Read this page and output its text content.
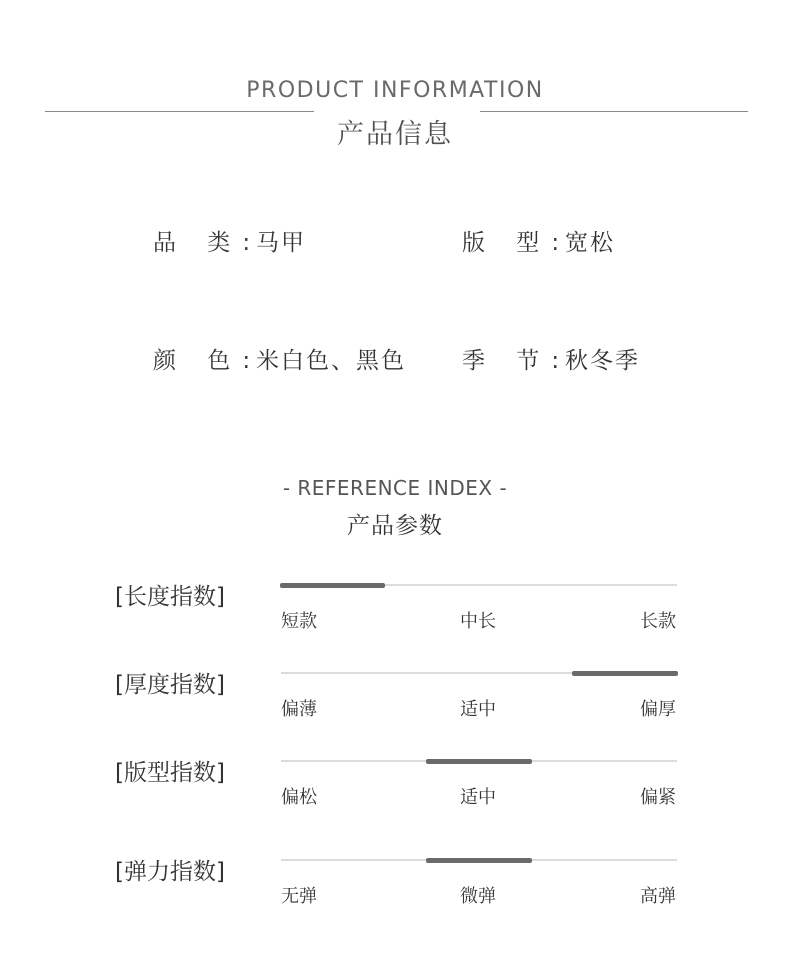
PRODUCT INFORMATION
产品信息
品 类: 马甲	版 型: 宽松
颜 色: 米白色、黑色 季 节: 秋冬季
- REFERENCE INDEX -
产品参数
[长度指数]
短款	中长	长款
[厚度指数]
偏薄	适中	偏厚
[版型指数]
偏松	适中	偏紧
[弹力指数]
无弹	微弹	高弹
